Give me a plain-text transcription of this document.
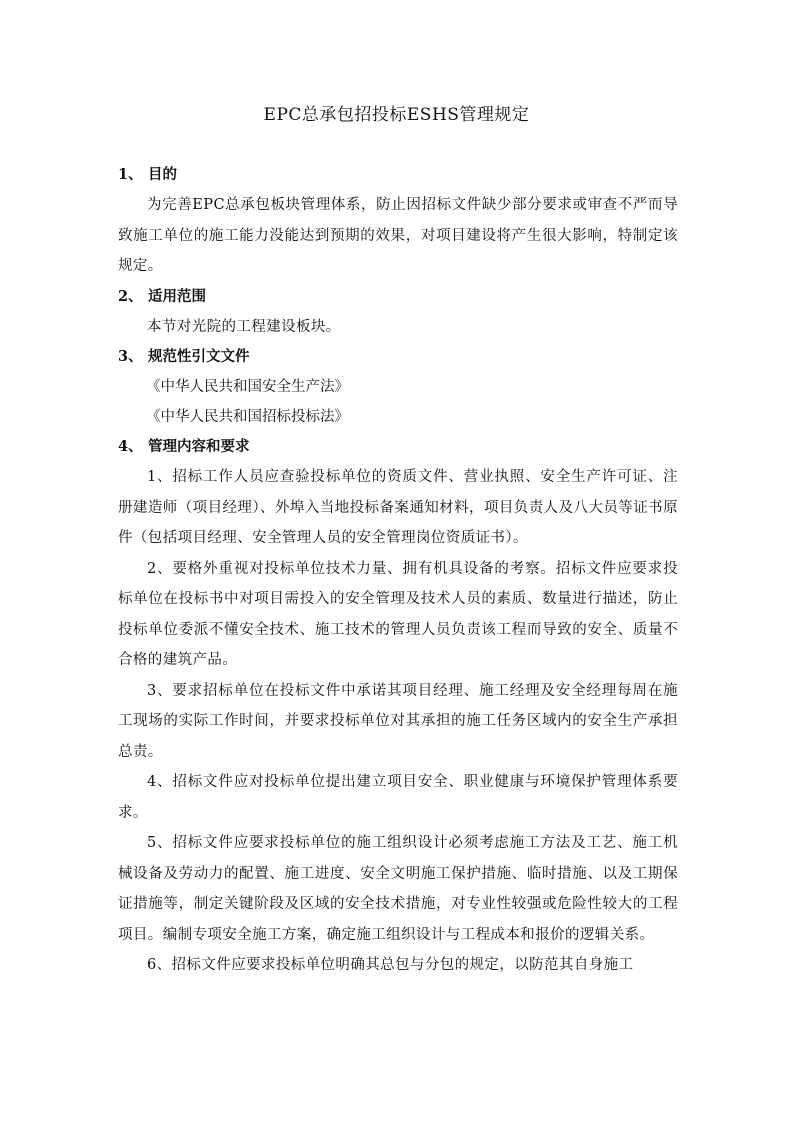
EPC总承包招投标ESHS管理规定
1、 目的
为完善EPC总承包板块管理体系，防止因招标文件缺少部分要求或审查不严而导致施工单位的施工能力没能达到预期的效果，对项目建设将产生很大影响，特制定该规定。
2、 适用范围
本节对光院的工程建设板块。
3、 规范性引文文件
《中华人民共和国安全生产法》
《中华人民共和国招标投标法》
4、 管理内容和要求
1、招标工作人员应查验投标单位的资质文件、营业执照、安全生产许可证、注册建造师（项目经理）、外埠入当地投标备案通知材料，项目负责人及八大员等证书原件（包括项目经理、安全管理人员的安全管理岗位资质证书）。
2、要格外重视对投标单位技术力量、拥有机具设备的考察。招标文件应要求投标单位在投标书中对项目需投入的安全管理及技术人员的素质、数量进行描述，防止投标单位委派不懂安全技术、施工技术的管理人员负责该工程而导致的安全、质量不合格的建筑产品。
3、要求招标单位在投标文件中承诺其项目经理、施工经理及安全经理每周在施工现场的实际工作时间，并要求投标单位对其承担的施工任务区域内的安全生产承担总责。
4、招标文件应对投标单位提出建立项目安全、职业健康与环境保护管理体系要求。
5、招标文件应要求投标单位的施工组织设计必须考虑施工方法及工艺、施工机械设备及劳动力的配置、施工进度、安全文明施工保护措施、临时措施、以及工期保证措施等，制定关键阶段及区域的安全技术措施，对专业性较强或危险性较大的工程项目。编制专项安全施工方案，确定施工组织设计与工程成本和报价的逻辑关系。
6、招标文件应要求投标单位明确其总包与分包的规定，以防范其自身施工
